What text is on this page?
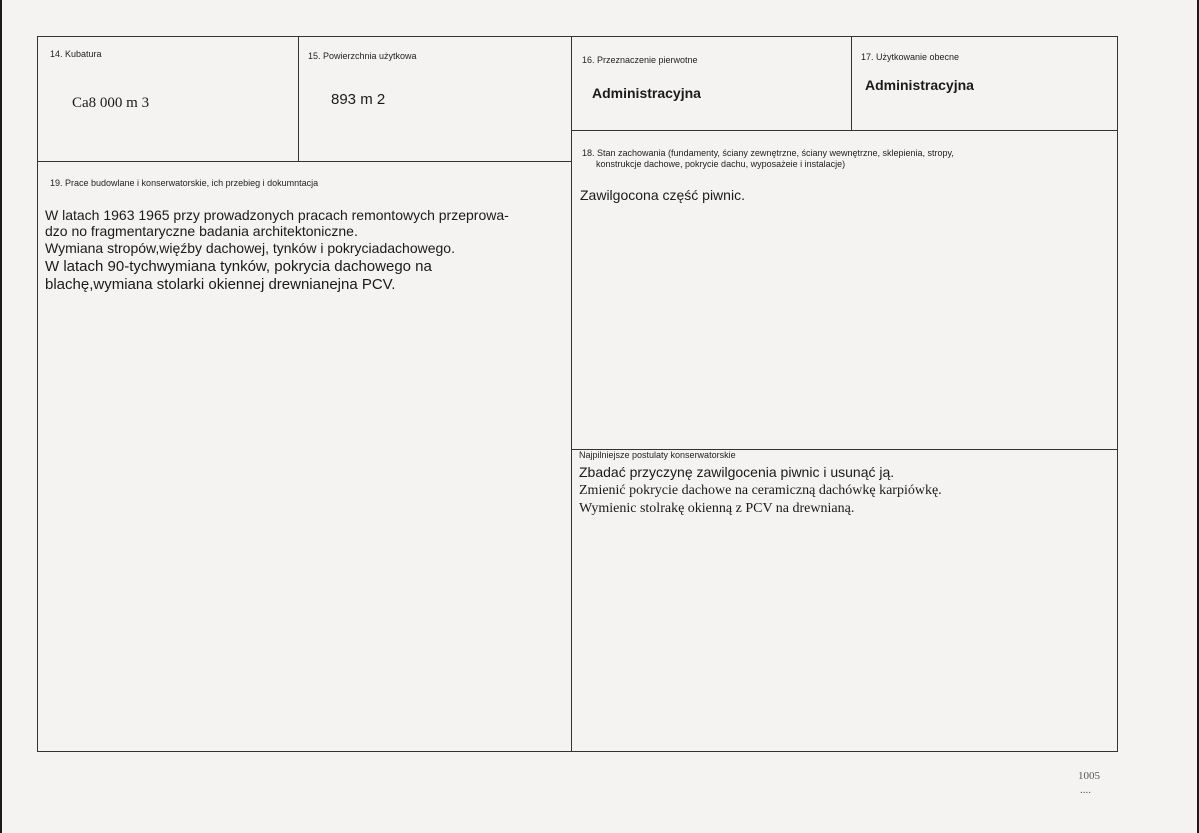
14. Kubatura
Ca8 000 m 3
15. Powierzchnia użytkowa
893 m 2
16. Przeznaczenie pierwotne
Administracyjna
17. Użytkowanie obecne
Administracyjna
18. Stan zachowania (fundamenty, ściany zewnętrzne, ściany wewnętrzne, sklepienia, stropy,
konstrukcje dachowe, pokrycie dachu, wyposażeie i instalacje)
Zawilgocona część piwnic.
19. Prace budowlane i konserwatorskie, ich przebieg i dokumntacja
W latach 1963 1965 przy prowadzonych pracach remontowych przeprowa-
dzo no fragmentaryczne badania architektoniczne.
Wymiana stropów,więźby dachowej, tynków i pokryciadachowego.
W latach 90-tychwymiana tynków, pokrycia dachowego na
blachę,wymiana stolarki okiennej drewnianejna PCV.
Najpilniejsze postulaty konserwatorskie
Zbadać przyczynę zawilgocenia piwnic i usunąć ją.
Zmienić pokrycie dachowe na ceramiczną dachówkę karpiówkę.
Wymienic stolrakę okienną z PCV na drewnianą.
1005
....
